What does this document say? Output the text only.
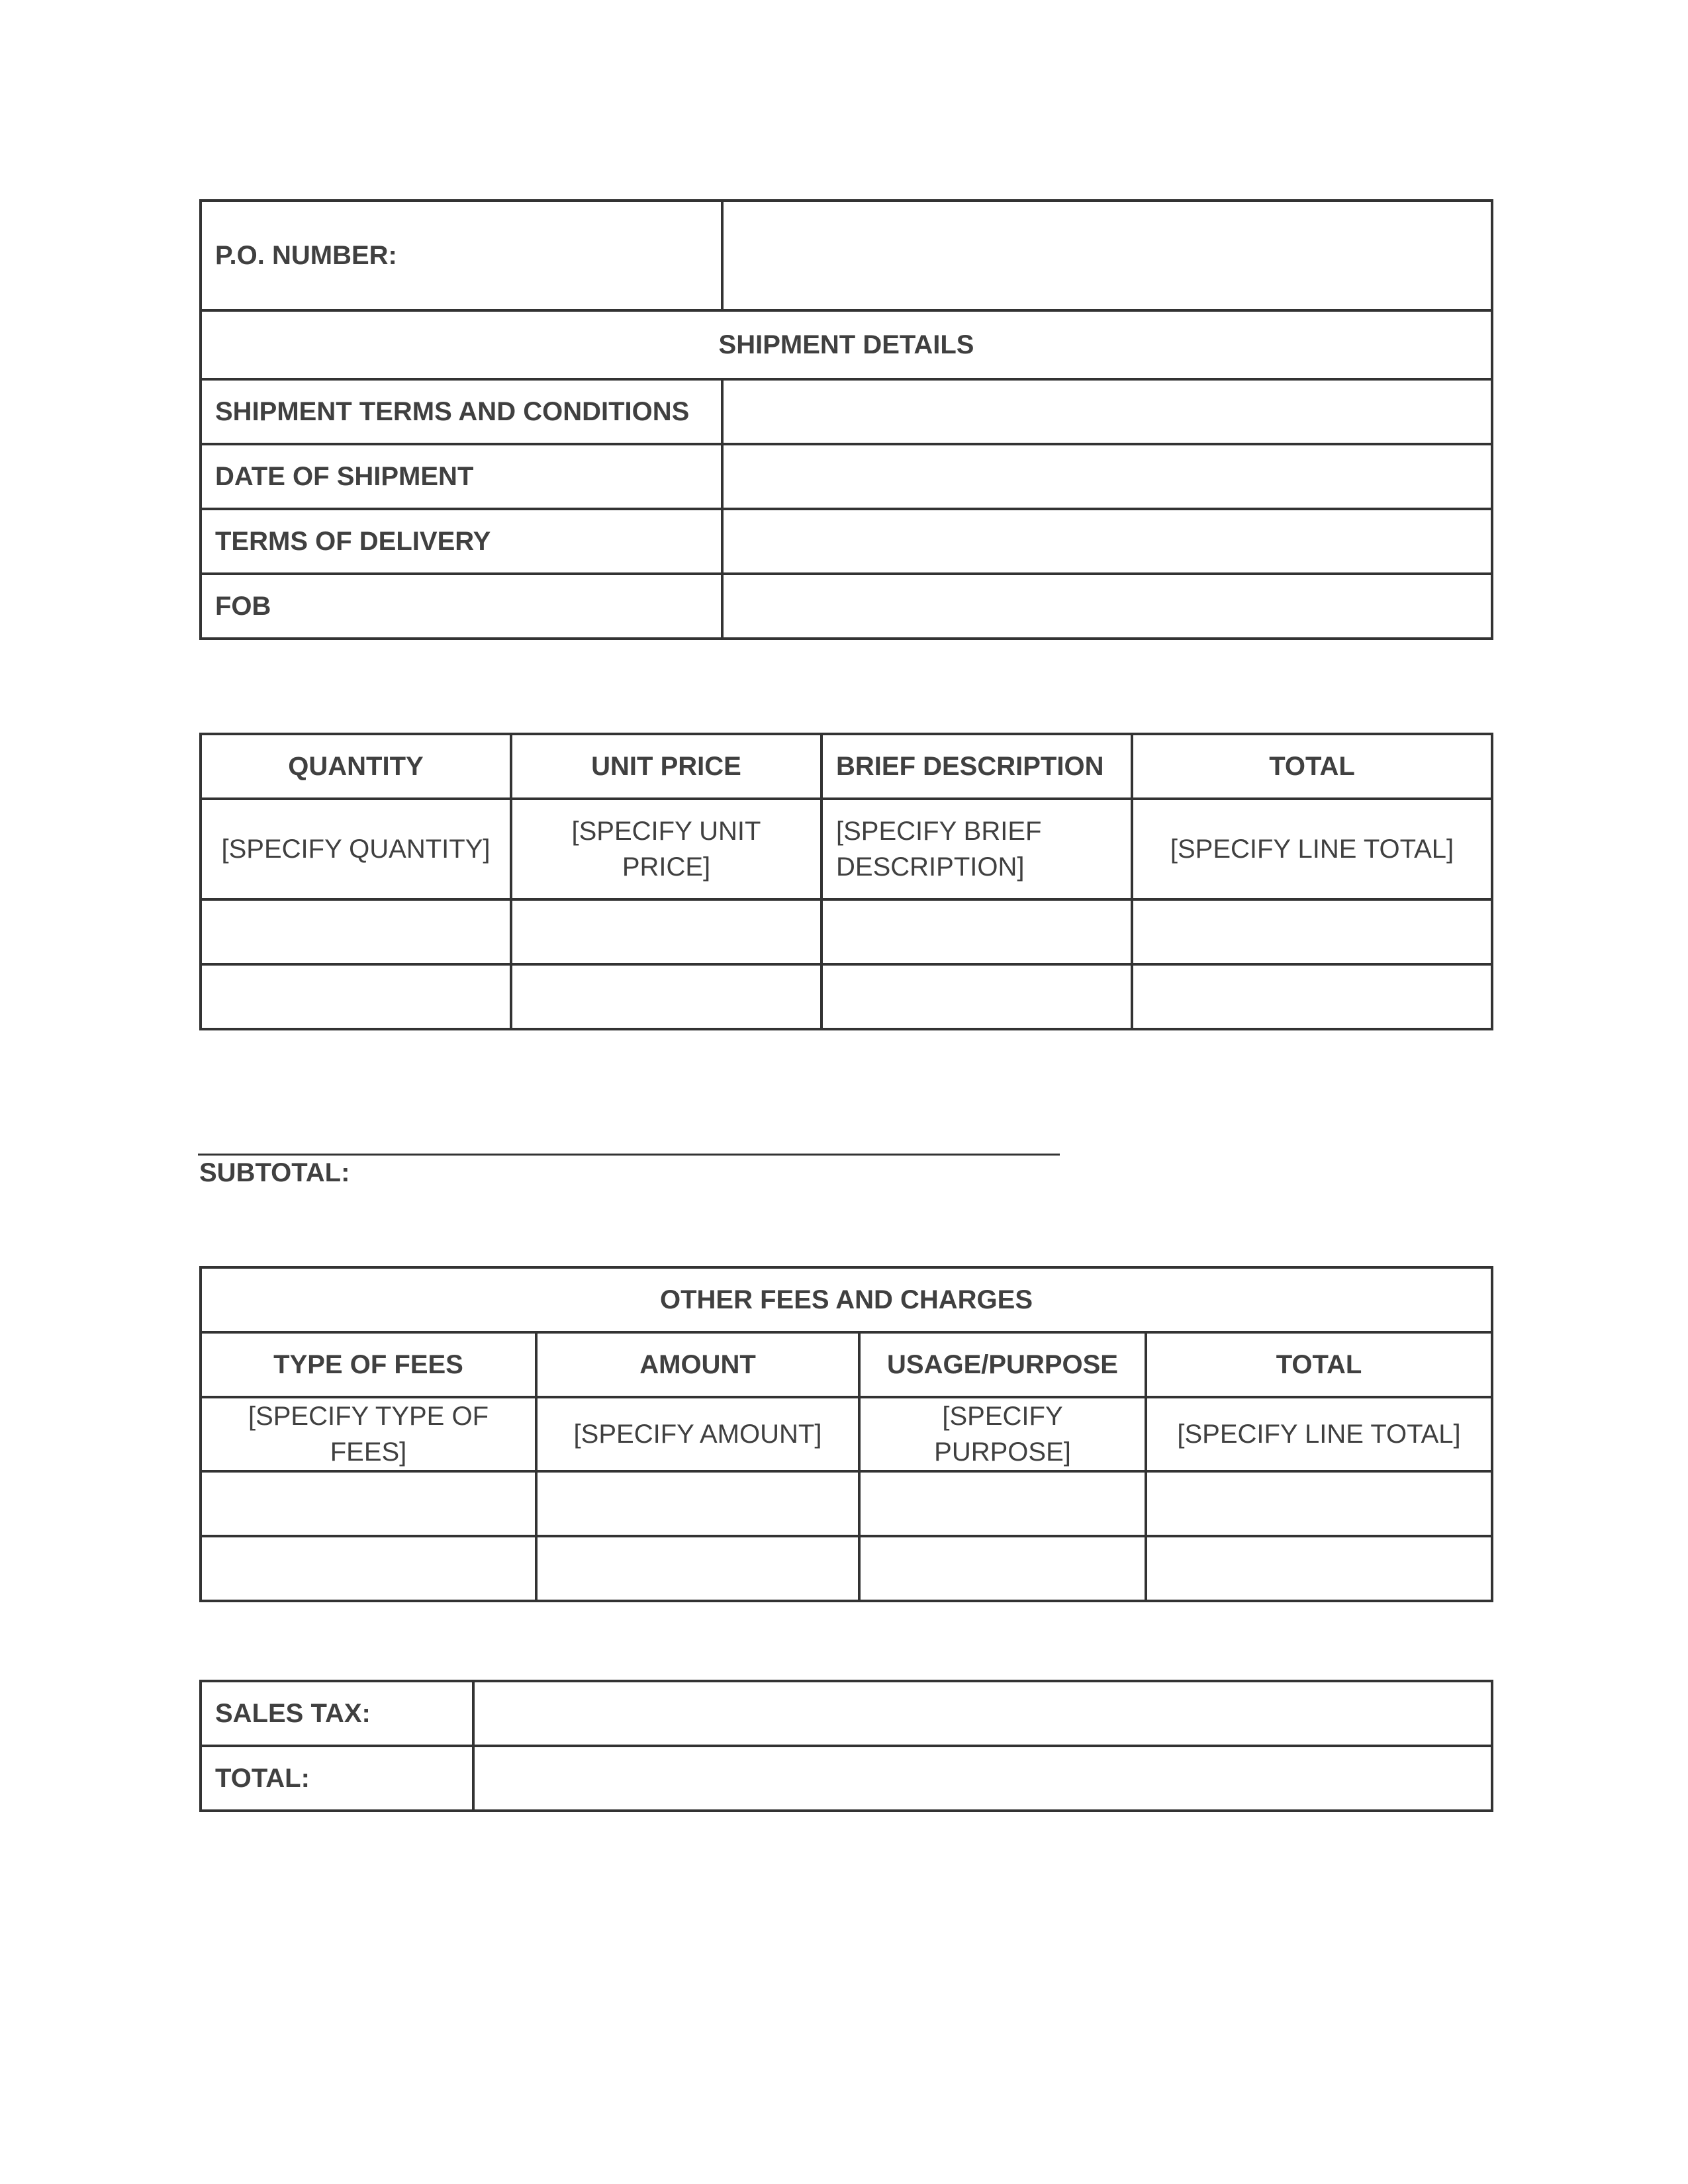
P.O. NUMBER:	
SHIPMENT DETAILS	
SHIPMENT TERMS AND CONDITIONS	
DATE OF SHIPMENT	
TERMS OF DELIVERY	
FOB	
QUANTITY	UNIT PRICE	BRIEF DESCRIPTION	TOTAL
[SPECIFY QUANTITY]	[SPECIFY UNIT PRICE]	[SPECIFY BRIEF DESCRIPTION]	[SPECIFY LINE TOTAL]

SUBTOTAL:
OTHER FEES AND CHARGES			
TYPE OF FEES	AMOUNT	USAGE/PURPOSE	TOTAL
[SPECIFY TYPE OF FEES]	[SPECIFY AMOUNT]	[SPECIFY PURPOSE]	[SPECIFY LINE TOTAL]

SALES TAX:	
TOTAL:	
